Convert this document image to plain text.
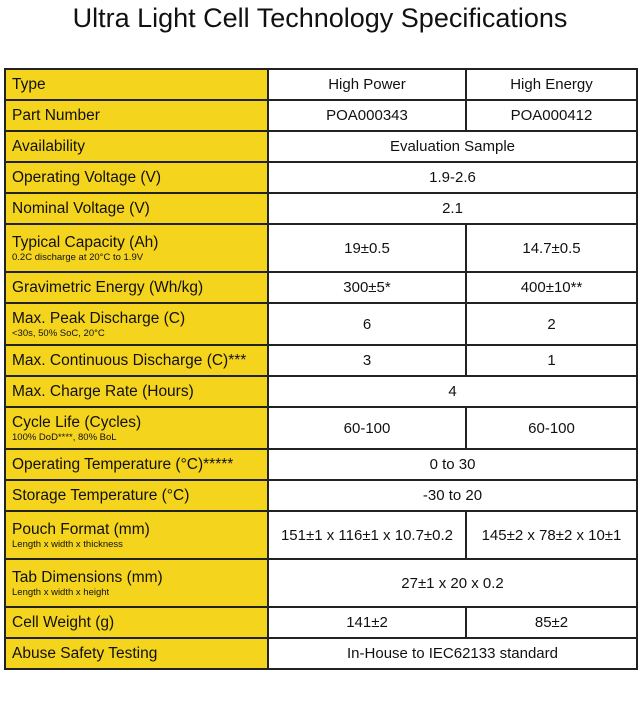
Ultra Light Cell Technology Specifications
Type	High Power	High Energy

Part Number	POA000343	POA000412

Availability	Evaluation Sample	

Operating Voltage (V)	1.9-2.6	

Nominal Voltage (V)	2.1	

Typical Capacity (Ah)
0.2C discharge at 20°C to 1.9V	19±0.5	14.7±0.5

Gravimetric Energy (Wh/kg)	300±5*	400±10**

Max. Peak Discharge (C)
<30s, 50% SoC, 20°C	6	2

Max. Continuous Discharge (C)***	3	1

Max. Charge Rate (Hours)	4	

Cycle Life (Cycles)
100% DoD****, 80% BoL	60-100	60-100

Operating Temperature (°C)*****	0 to 30	

Storage Temperature (°C)	-30 to 20	

Pouch Format (mm)
Length x width x thickness	151±1 x 116±1 x 10.7±0.2	145±2 x 78±2 x 10±1

Tab Dimensions (mm)
Length x width x height	27±1 x 20 x 0.2	

Cell Weight (g)	141±2	85±2

Abuse Safety Testing	In-House to IEC62133 standard	
